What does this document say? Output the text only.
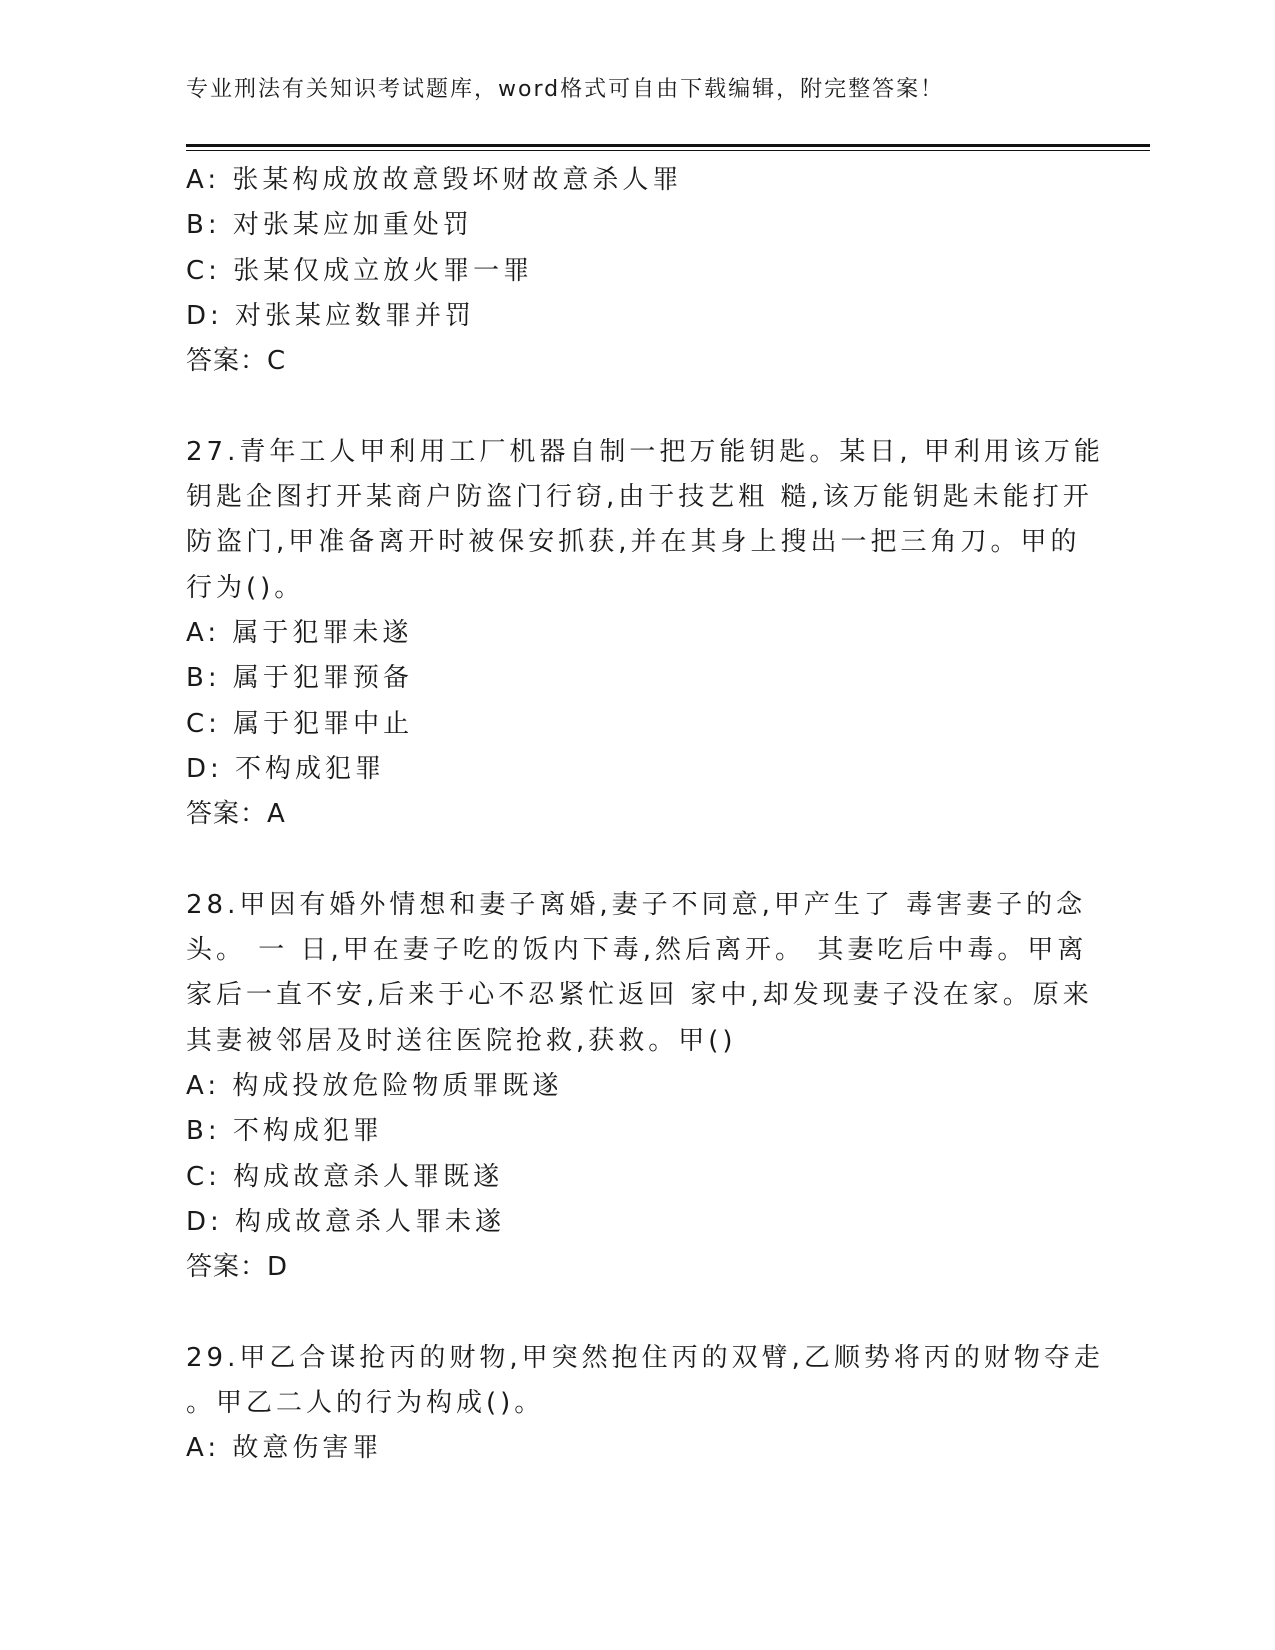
专业刑法有关知识考试题库，word格式可自由下载编辑，附完整答案！
A: 张某构成放故意毁坏财故意杀人罪
B: 对张某应加重处罚
C: 张某仅成立放火罪一罪
D: 对张某应数罪并罚
答案：C
27.青年工人甲利用工厂机器自制一把万能钥匙。某日, 甲利用该万能
钥匙企图打开某商户防盗门行窃,由于技艺粗 糙,该万能钥匙未能打开
防盗门,甲准备离开时被保安抓获,并在其身上搜出一把三角刀。甲的
行为()。
A: 属于犯罪未遂
B: 属于犯罪预备
C: 属于犯罪中止
D: 不构成犯罪
答案：A
28.甲因有婚外情想和妻子离婚,妻子不同意,甲产生了 毒害妻子的念
头。 一 日,甲在妻子吃的饭内下毒,然后离开。 其妻吃后中毒。甲离
家后一直不安,后来于心不忍紧忙返回 家中,却发现妻子没在家。原来
其妻被邻居及时送往医院抢救,获救。甲()
A: 构成投放危险物质罪既遂
B: 不构成犯罪
C: 构成故意杀人罪既遂
D: 构成故意杀人罪未遂
答案：D
29.甲乙合谋抢丙的财物,甲突然抱住丙的双臂,乙顺势将丙的财物夺走
。甲乙二人的行为构成()。
A: 故意伤害罪
